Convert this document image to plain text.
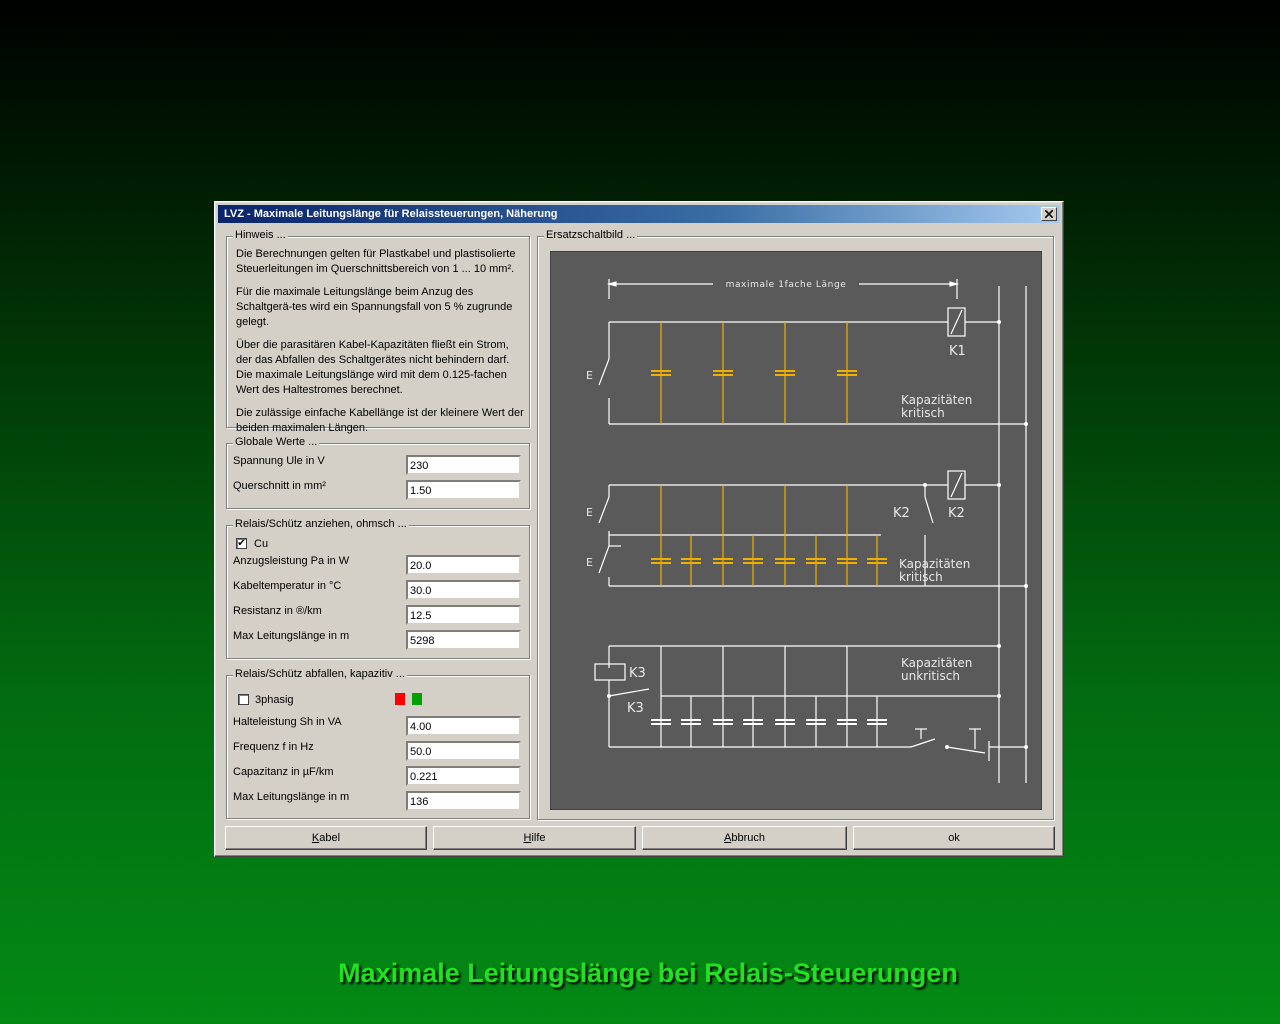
LVZ - Maximale Leitungslänge für Relaissteuerungen, Näherung
Hinweis ...

Die Berechnungen gelten für Plastkabel und plastisolierte Steuerleitungen im Querschnittsbereich von 1 ... 10 mm².

Für die maximale Leitungslänge beim Anzug des Schaltgerä-tes wird ein Spannungsfall von 5 % zugrunde gelegt.

Über die parasitären Kabel-Kapazitäten fließt ein Strom, der das Abfallen des Schaltgerätes nicht behindern darf. Die maximale Leitungslänge wird mit dem 0.125-fachen Wert des Haltestromes berechnet.

Die zulässige einfache Kabellänge ist der kleinere Wert der beiden maximalen Längen.

Globale Werte ...
Spannung Ule in V	230
Querschnitt in mm²	1.50
Relais/Schütz anziehen, ohmsch ...
✔ Cu
Anzugsleistung Pa in W	20.0
Kabeltemperatur in °C	30.0
Resistanz in ®/km	12.5
Max Leitungslänge in m	5298
Relais/Schütz abfallen, kapazitiv ...
3phasig
Halteleistung Sh in VA	4.00
Frequenz f in Hz	50.0
Capazitanz in µF/km	0.221
Max Leitungslänge in m	136
Ersatzschaltbild ...
maximale 1fache Länge
K1
K2
K2
K3
K3
E
E
E
Kapazitäten
kritisch
Kapazitäten
kritisch
Kapazitäten
unkritisch
Kabel	Hilfe	Abbruch	ok
Maximale Leitungslänge bei Relais-Steuerungen
